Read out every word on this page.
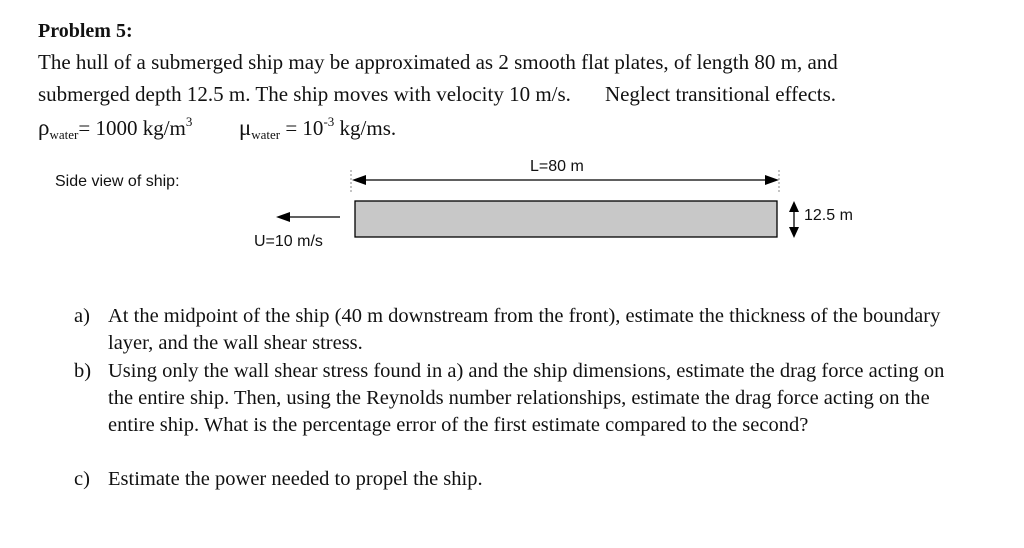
Problem 5:
The hull of a submerged ship may be approximated as 2 smooth flat plates, of length 80 m, and
submerged depth 12.5 m. The ship moves with velocity 10 m/s. Neglect transitional effects.
$\rho_{water}= 1000$ $kg/m^3$ $\mu_{water} = 10^{-3}$ kg/ms.
Side view of ship:
L=80 m
U=10 m/s
12.5 m
a) At the midpoint of the ship (40 m downstream from the front), estimate the thickness of the boundary layer, and the wall shear stress.
b) Using only the wall shear stress found in a) and the ship dimensions, estimate the drag force acting on the entire ship. Then, using the Reynolds number relationships, estimate the drag force acting on the entire ship. What is the percentage error of the first estimate compared to the second?
c) Estimate the power needed to propel the ship.
